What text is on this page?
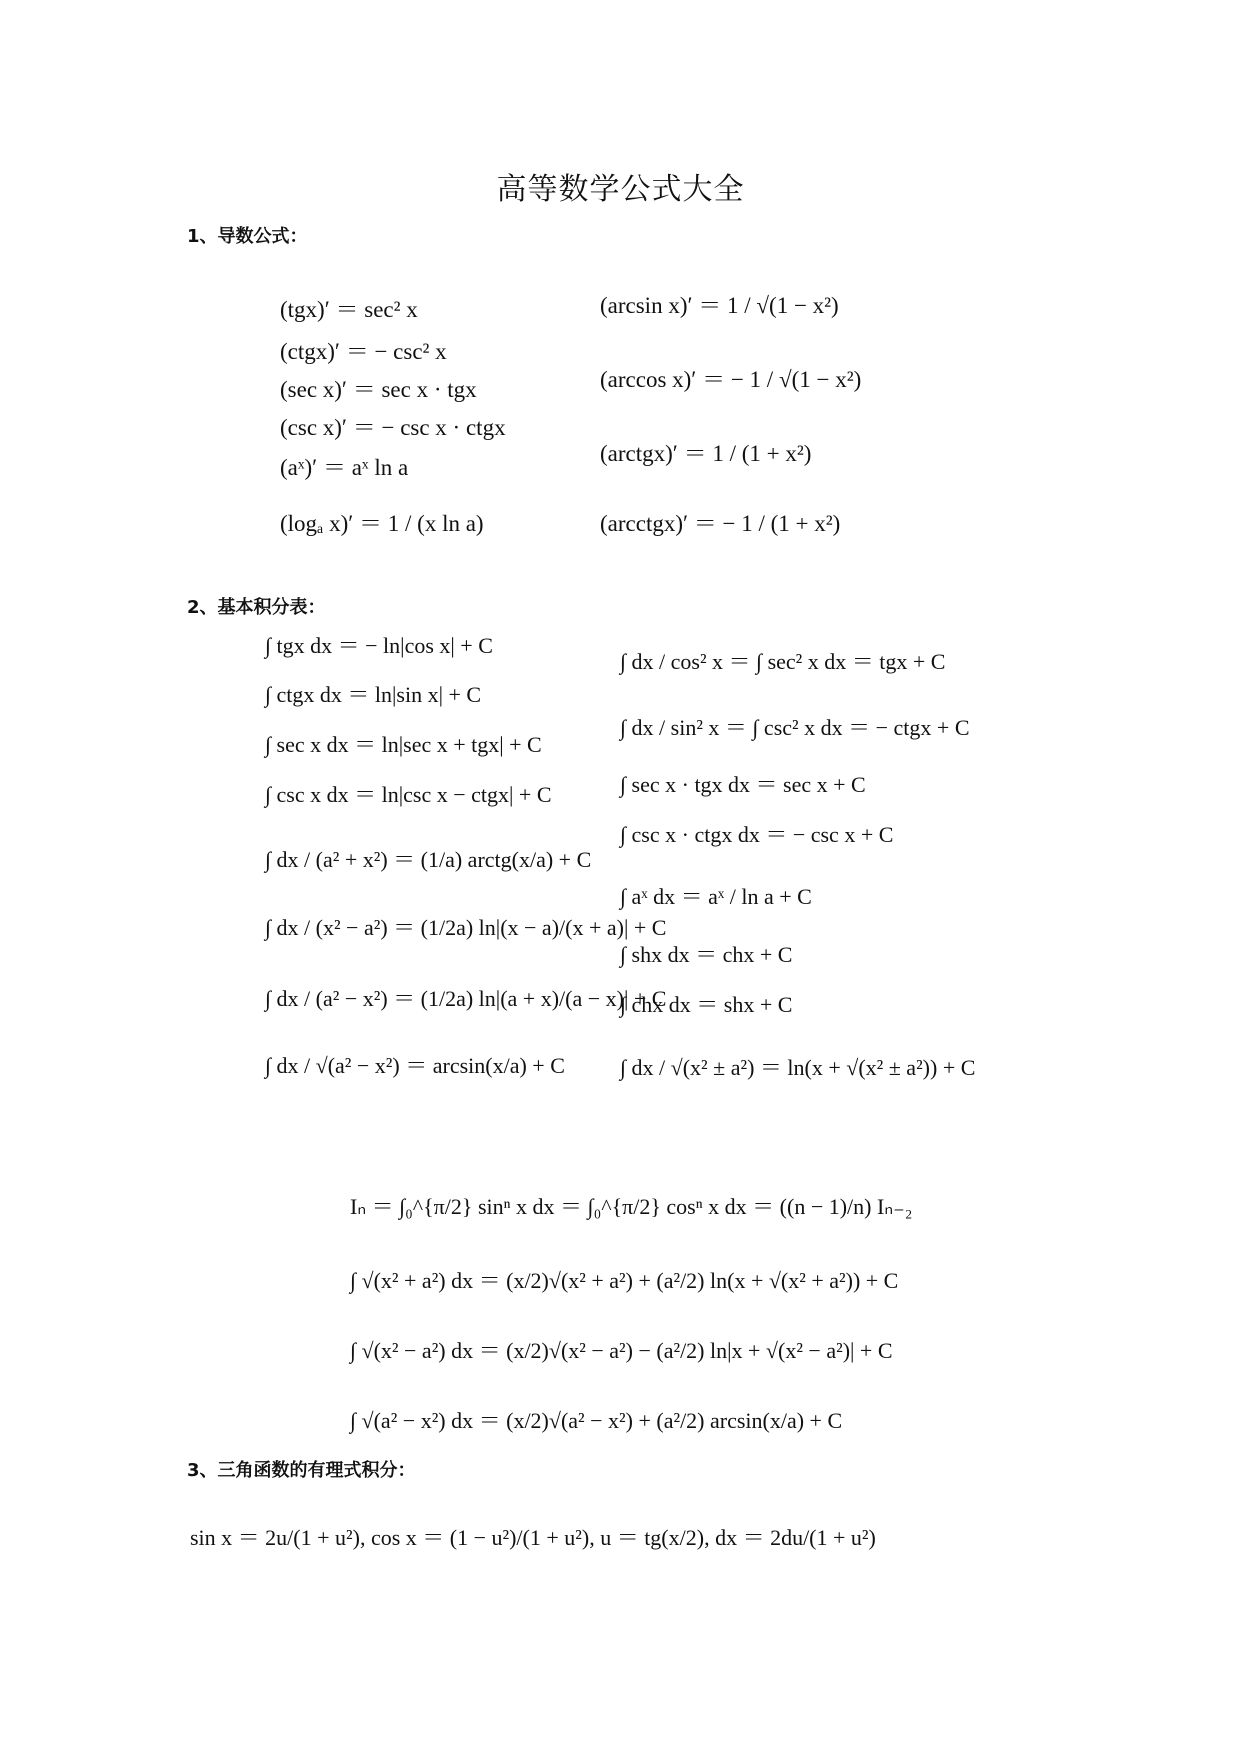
高等数学公式大全
1、导数公式：
(tgx)′ ＝ sec² x
(ctgx)′ ＝ − csc² x
(sec x)′ ＝ sec x · tgx
(csc x)′ ＝ − csc x · ctgx
(aˣ)′ ＝ aˣ ln a
(logₐ x)′ ＝ 1 / (x ln a)
(arcsin x)′ ＝ 1 / √(1 − x²)
(arccos x)′ ＝ − 1 / √(1 − x²)
(arctgx)′ ＝ 1 / (1 + x²)
(arcctgx)′ ＝ − 1 / (1 + x²)
2、基本积分表：
∫ tgx dx ＝ − ln|cos x| + C
∫ ctgx dx ＝ ln|sin x| + C
∫ sec x dx ＝ ln|sec x + tgx| + C
∫ csc x dx ＝ ln|csc x − ctgx| + C
∫ dx / (a² + x²) ＝ (1/a) arctg(x/a) + C
∫ dx / (x² − a²) ＝ (1/2a) ln|(x − a)/(x + a)| + C
∫ dx / (a² − x²) ＝ (1/2a) ln|(a + x)/(a − x)| + C
∫ dx / √(a² − x²) ＝ arcsin(x/a) + C
∫ dx / cos² x ＝ ∫ sec² x dx ＝ tgx + C
∫ dx / sin² x ＝ ∫ csc² x dx ＝ − ctgx + C
∫ sec x · tgx dx ＝ sec x + C
∫ csc x · ctgx dx ＝ − csc x + C
∫ aˣ dx ＝ aˣ / ln a + C
∫ shx dx ＝ chx + C
∫ chx dx ＝ shx + C
∫ dx / √(x² ± a²) ＝ ln(x + √(x² ± a²)) + C
Iₙ ＝ ∫₀^{π/2} sinⁿ x dx ＝ ∫₀^{π/2} cosⁿ x dx ＝ ((n − 1)/n) Iₙ₋₂
∫ √(x² + a²) dx ＝ (x/2)√(x² + a²) + (a²/2) ln(x + √(x² + a²)) + C
∫ √(x² − a²) dx ＝ (x/2)√(x² − a²) − (a²/2) ln|x + √(x² − a²)| + C
∫ √(a² − x²) dx ＝ (x/2)√(a² − x²) + (a²/2) arcsin(x/a) + C
3、三角函数的有理式积分：
sin x ＝ 2u/(1 + u²), cos x ＝ (1 − u²)/(1 + u²), u ＝ tg(x/2), dx ＝ 2du/(1 + u²)
